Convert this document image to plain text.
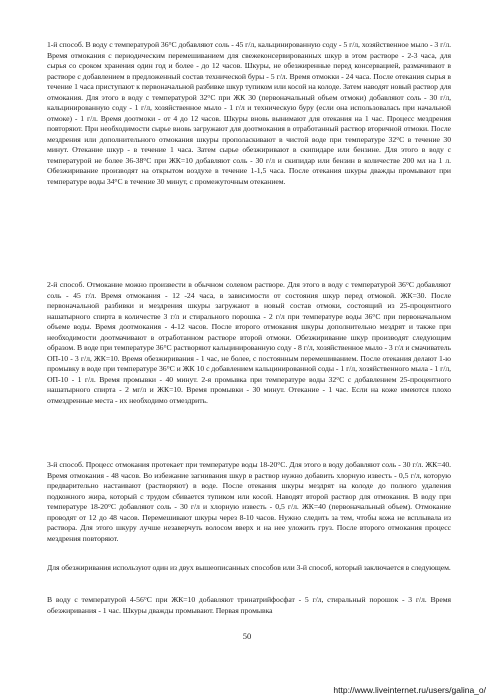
1-й способ. В воду с температурой 36°С добавляют соль - 45 г/л, кальцинированную соду - 5 г/л, хозяйственное мыло - 3 г/л. Время отмокания с периодическим перемешиванием для свежеконсервированных шкур в этом растворе - 2-3 часа, для сырья со сроком хранения один год и более - до 12 часов. Шкуры, не обезжиренные перед консервацией, размачивают в растворе с добавлением в предложенный состав технической буры - 5 г/л. Время отмокки - 24 часа. После отекания сырья в течение 1 часа приступают к первоначальной разбивке шкур тупиком или косой на колоде. Затем наводят новый раствор для отмокания. Для этого в воду с температурой 32°С при ЖК 30 (первоначальный объем отмоки) добавляют соль - 30 г/л, кальцинированную соду - 1 г/л, хозяйственное мыло - 1 г/л и техническую буру (если она использовалась при начальной отмоке) - 1 г/л. Время доотмоки - от 4 до 12 часов. Шкуры вновь вынимают для отекания на 1 час. Процесс мездрения повторяют. При необходимости сырье вновь загружают для доотмокания в отработанный раствор вторичной отмоки. После мездрения или дополнительного отмокания шкуры прополаскивают в чистой воде при температуре 32°С в течение 30 минут. Отекание шкур - в течение 1 часа. Затем сырье обезжиривают в скипидаре или бензине. Для этого в воду с температурой не более 36-38°С при ЖК=10 добавляют соль - 30 г/л и скипидар или бензин в количестве 200 мл на 1 л. Обезжиривание производят на открытом воздухе в течение 1-1,5 часа. После отекания шкуры дважды промывают при температуре воды 34°С в течение 30 минут, с промежуточным отеканием.
2-й способ. Отмокание можно произвести в обычном солевом растворе. Для этого в воду с температурой 36°С добавляют соль - 45 г/л. Время отмокания - 12 -24 часа, в зависимости от состояния шкур перед отмокой. ЖК=30. После первоначальной разбивки и мездрения шкуры загружают в новый состав отмоки, состоящий из 25-процентного нашатырного спирта в количестве 3 г/л и стирального порошка - 2 г/л при температуре воды 36°С при первоначальном объеме воды. Время доотмокания - 4-12 часов. После второго отмокания шкуры дополнительно мездрят и также при необходимости доотмачивают в отработанном растворе второй отмоки. Обезжиривание шкур производят следующим образом. В воде при температуре 36°С растворяют кальцинированную соду - 8 г/л, хозяйственное мыло - 3 г/л и смачиватель ОП-10 - 3 г/л, ЖК=10. Время обезжиривания - 1 час, не более, с постоянным перемешиванием. После отекания делают 1-ю промывку в воде при температуре 36°С и ЖК 10 с добавлением кальцинированной соды - 1 г/л, хозяйственного мыла - 1 г/л, ОП-10 - 1 г/л. Время промывки - 40 минут. 2-я промывка при температуре воды 32°С с добавлением 25-процентного нашатырного спирта - 2 мг/л и ЖК=10. Время промывки - 30 минут. Отекание - 1 час. Если на коже имеются плохо отмездренные места - их необходимо отмездрить.
3-й способ. Процесс отмокания протекает при температуре воды 18-20°С. Для этого в воду добавляют соль - 30 г/л. ЖК=40. Время отмокания - 48 часов. Во избежание загнивания шкур в раствор нужно добавить хлорную известь - 0,5 г/л, которую предварительно настаивают (растворяют) в воде. После отекания шкуры мездрят на колоде до полного удаления подкожного жира, который с трудом сбивается тупиком или косой. Наводят второй раствор для отмокания. В воду при температуре 18-20°С добавляют соль - 30 г/л и хлорную известь - 0,5 г/л. ЖК=40 (первоначальный объем). Отмокание проводят от 12 до 48 часов. Перемешивают шкуры через 8-10 часов. Нужно следить за тем, чтобы кожа не всплывала из раствора. Для этого шкуру лучше незаверчуть волосом вверх и на нее уложить груз. После второго отмокания процесс мездрения повторяют.
Для обезжиривания используют один из двух вышеописанных способов или 3-й способ, который заключается в следующем.
В воду с температурой 4-56°С при ЖК=10 добавляют тринатрийфосфат - 5 г/л, стиральный порошок - 3 г/л. Время обезжиривания - 1 час. Шкуры дважды промывают. Первая промывка
50
http://www.liveinternet.ru/users/galina_o/
